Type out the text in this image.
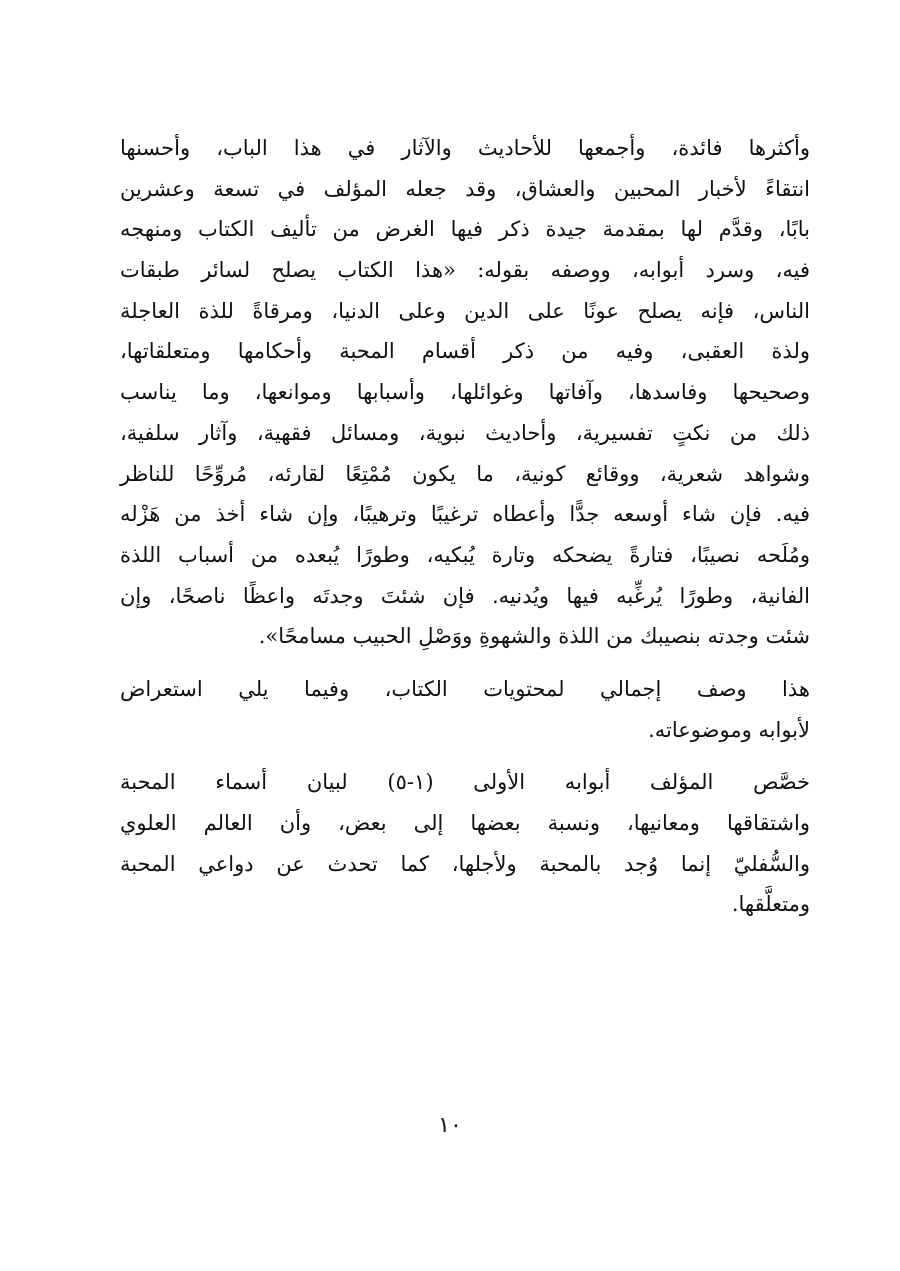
وأكثرها فائدة، وأجمعها للأحاديث والآثار في هذا الباب، وأحسنها
انتقاءً لأخبار المحبين والعشاق، وقد جعله المؤلف في تسعة وعشرين
بابًا، وقدَّم لها بمقدمة جيدة ذكر فيها الغرض من تأليف الكتاب ومنهجه
فيه، وسرد أبوابه، ووصفه بقوله: «هذا الكتاب يصلح لسائر طبقات
الناس، فإنه يصلح عونًا على الدين وعلى الدنيا، ومرقاةً للذة العاجلة
ولذة العقبى، وفيه من ذكر أقسام المحبة وأحكامها ومتعلقاتها،
وصحيحها وفاسدها، وآفاتها وغوائلها، وأسبابها وموانعها، وما يناسب
ذلك من نكتٍ تفسيرية، وأحاديث نبوية، ومسائل فقهية، وآثار سلفية،
وشواهد شعرية، ووقائع كونية، ما يكون مُمْتِعًا لقارئه، مُروِّحًا للناظر
فيه. فإن شاء أوسعه جدًّا وأعطاه ترغيبًا وترهيبًا، وإن شاء أخذ من هَزْله
ومُلَحه نصيبًا، فتارةً يضحكه وتارة يُبكيه، وطورًا يُبعده من أسباب اللذة
الفانية، وطورًا يُرغِّبه فيها ويُدنيه. فإن شئتَ وجدتَه واعظًا ناصحًا، وإن
شئت وجدته بنصيبك من اللذة والشهوةِ ووَصْلِ الحبيب مسامحًا».
هذا وصف إجمالي لمحتويات الكتاب، وفيما يلي استعراض
لأبوابه وموضوعاته.
خصَّص المؤلف أبوابه الأولى (١-٥) لبيان أسماء المحبة
واشتقاقها ومعانيها، ونسبة بعضها إلى بعض، وأن العالم العلوي
والسُّفليّ إنما وُجد بالمحبة ولأجلها، كما تحدث عن دواعي المحبة
ومتعلَّقها.
١٠
